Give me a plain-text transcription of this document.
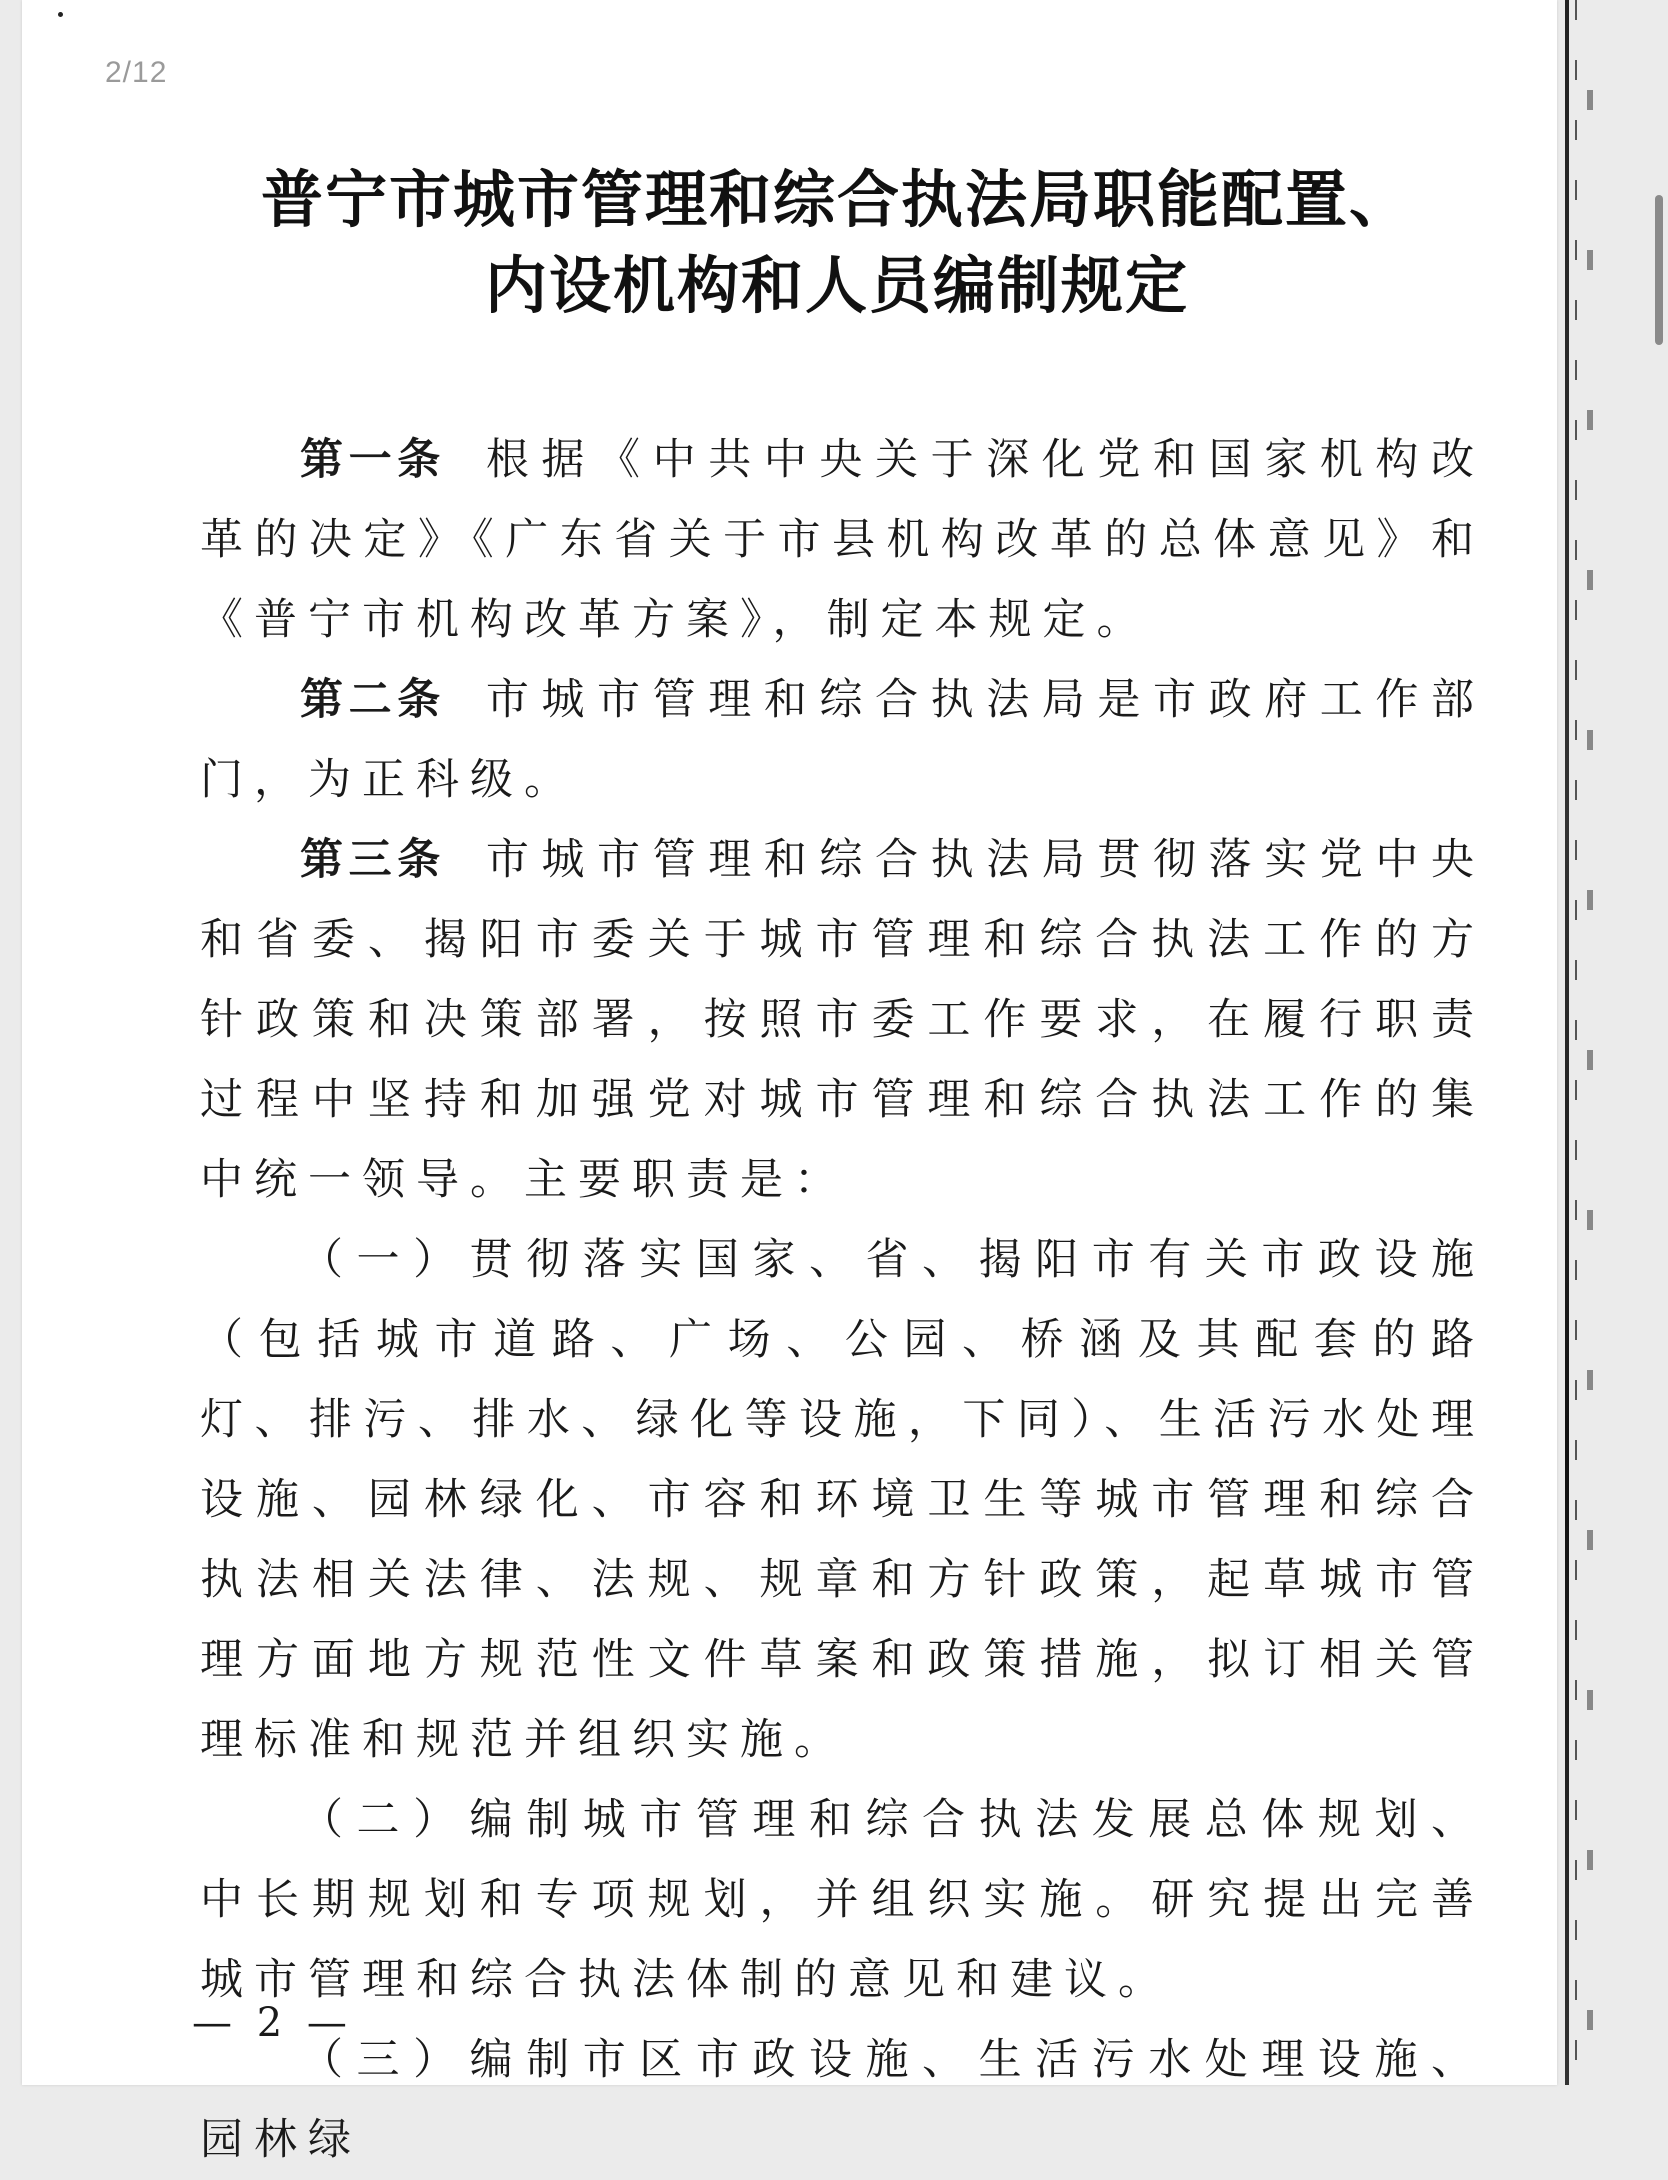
2/12
普宁市城市管理和综合执法局职能配置、
内设机构和人员编制规定

第一条 根据《中共中央关于深化党和国家机构改革的决定》《广东省关于市县机构改革的总体意见》和《普宁市机构改革方案》，制定本规定。

第二条 市城市管理和综合执法局是市政府工作部门，为正科级。

第三条 市城市管理和综合执法局贯彻落实党中央和省委、揭阳市委关于城市管理和综合执法工作的方针政策和决策部署，按照市委工作要求，在履行职责过程中坚持和加强党对城市管理和综合执法工作的集中统一领导。主要职责是：

（一）贯彻落实国家、省、揭阳市有关市政设施（包括城市道路、广场、公园、桥涵及其配套的路灯、排污、排水、绿化等设施，下同）、生活污水处理设施、园林绿化、市容和环境卫生等城市管理和综合执法相关法律、法规、规章和方针政策，起草城市管理方面地方规范性文件草案和政策措施，拟订相关管理标准和规范并组织实施。

（二）编制城市管理和综合执法发展总体规划、中长期规划和专项规划，并组织实施。研究提出完善城市管理和综合执法体制的意见和建议。

（三）编制市区市政设施、生活污水处理设施、园林绿

— 2 —
